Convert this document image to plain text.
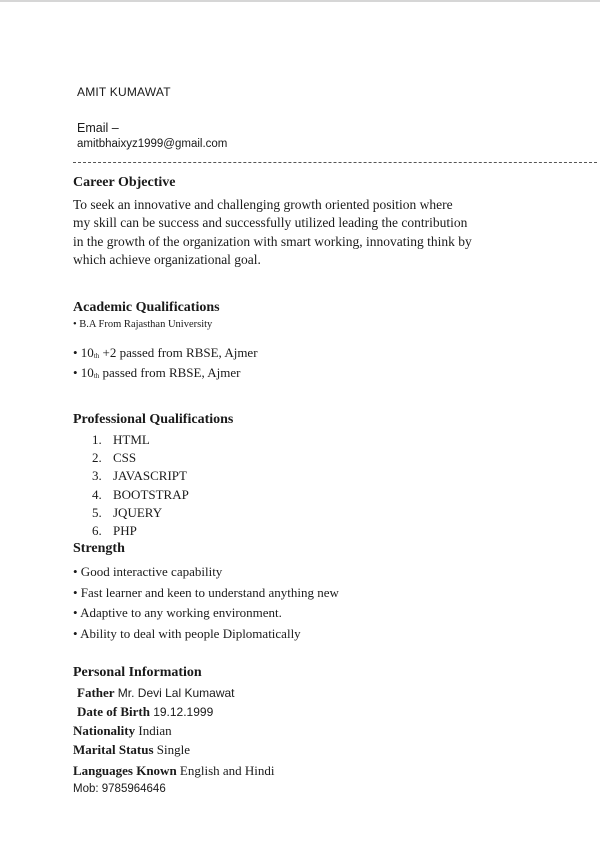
AMIT KUMAWAT
Email –
amitbhaixyz1999@gmail.com
Career Objective
To seek an innovative and challenging growth oriented position where
my skill can be success and successfully utilized leading the contribution
in the growth of the organization with smart working, innovating think by
which achieve organizational goal.
Academic Qualifications
• B.A From Rajasthan University
• $10_{th} +2$ passed from RBSE, Ajmer
• $10_{th}$ passed from RBSE, Ajmer
Professional Qualifications
1. HTML
2. CSS
3. JAVASCRIPT
4. BOOTSTRAP
5. JQUERY
6. PHP
Strength
• Good interactive capability
• Fast learner and keen to understand anything new
• Adaptive to any working environment.
• Ability to deal with people Diplomatically
Personal Information
Father Mr. Devi Lal Kumawat
Date of Birth 19.12.1999
Nationality Indian
Marital Status Single
Languages Known English and Hindi
Mob: 9785964646
